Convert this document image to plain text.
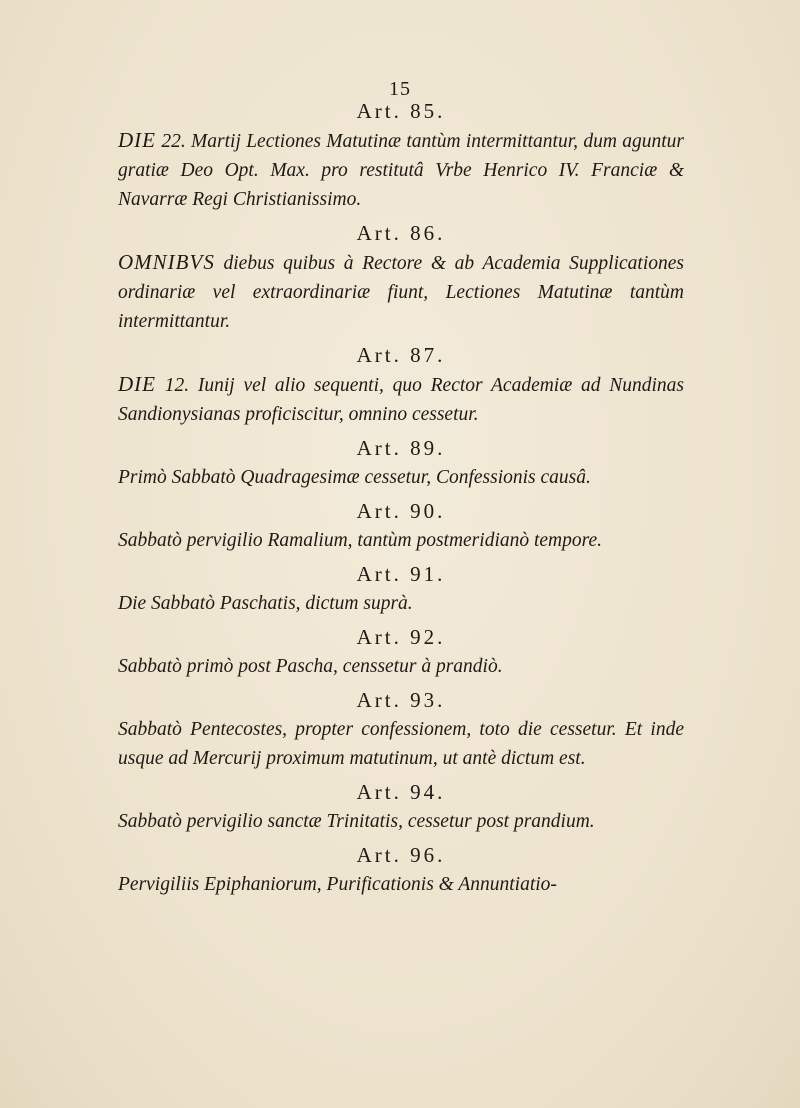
15
Art. 85.

DIE 22. Martij Lectiones Matutinæ tantùm intermittantur, dum aguntur gratiæ Deo Opt. Max. pro restitutâ Vrbe Henrico IV. Franciæ & Navarræ Regi Christianissimo.

Art. 86.

OMNIBVS diebus quibus à Rectore & ab Academia Supplicationes ordinariæ vel extraordinariæ fiunt, Lectiones Matutinæ tantùm intermittantur.

Art. 87.

DIE 12. Iunij vel alio sequenti, quo Rector Academiæ ad Nundinas Sandionysianas proficiscitur, omnino cessetur.

Art. 89.

Primò Sabbatò Quadragesimæ cessetur, Confessionis causâ.

Art. 90.

Sabbatò pervigilio Ramalium, tantùm postmeridianò tempore.

Art. 91.

Die Sabbatò Paschatis, dictum suprà.

Art. 92.

Sabbatò primò post Pascha, censsetur à prandiò.

Art. 93.

Sabbatò Pentecostes, propter confessionem, toto die cessetur. Et inde usque ad Mercurij proximum matutinum, ut antè dictum est.

Art. 94.

Sabbatò pervigilio sanctæ Trinitatis, cessetur post prandium.

Art. 96.

Pervigiliis Epiphaniorum, Purificationis & Annuntiatio-
